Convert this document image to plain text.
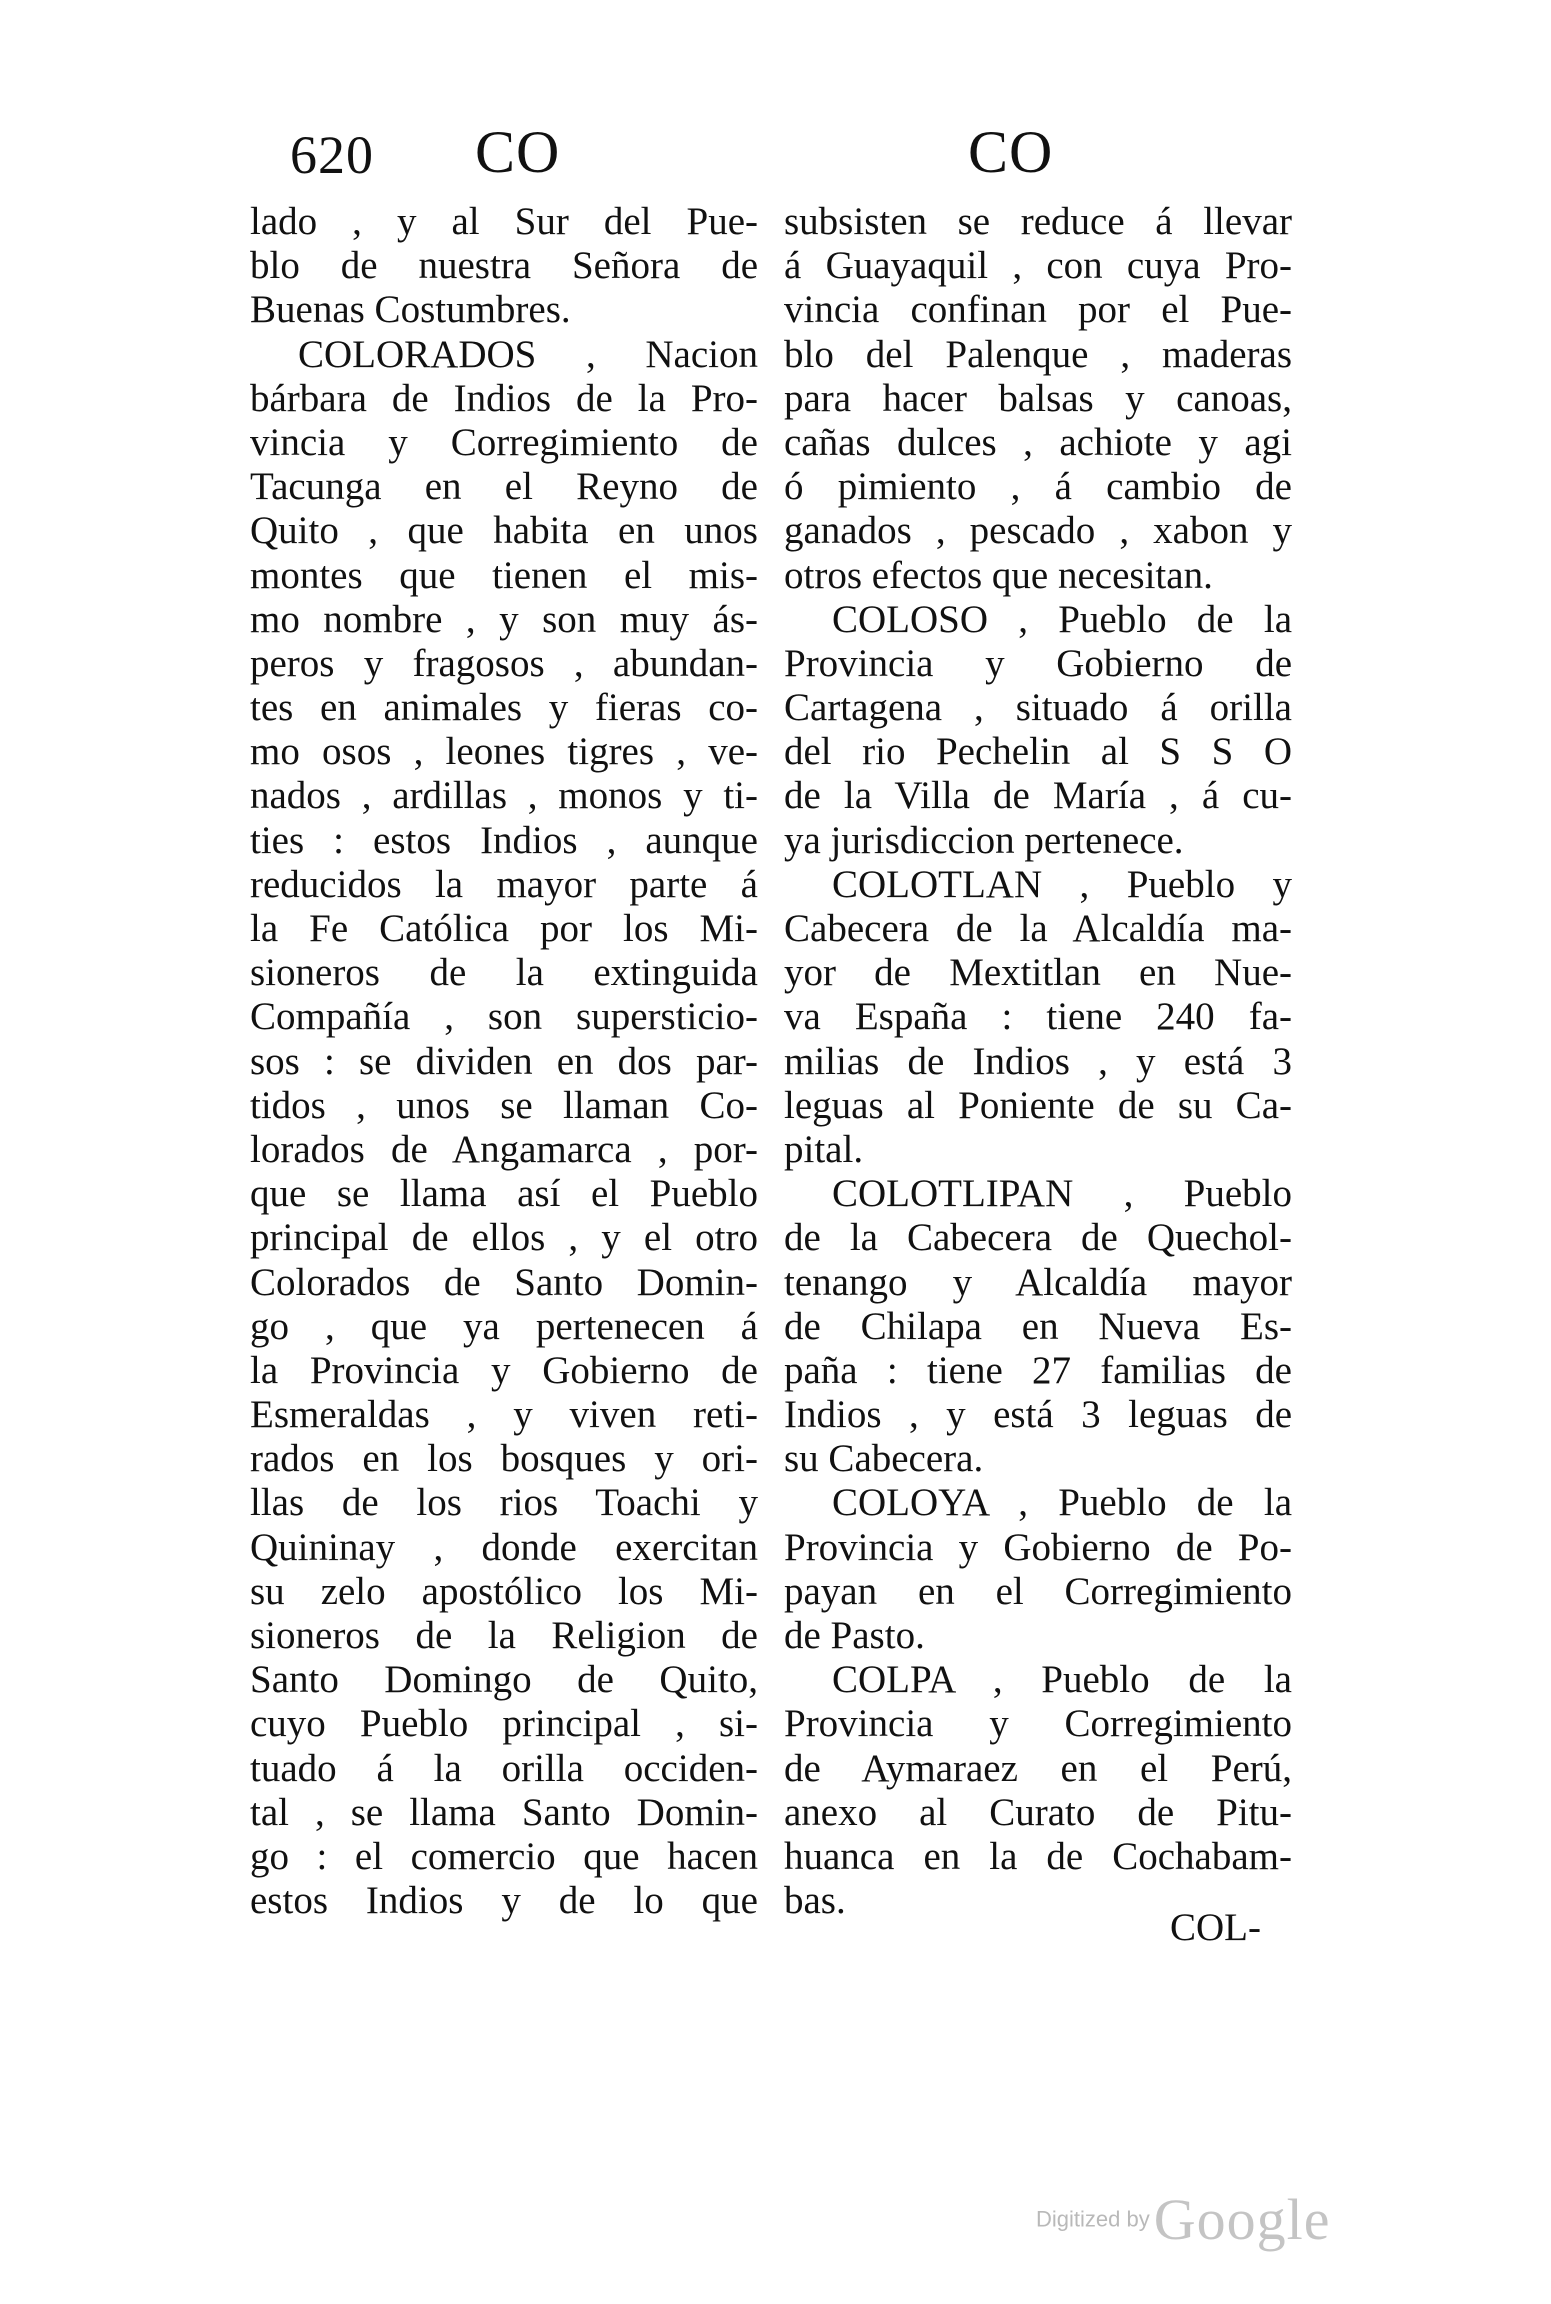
620 CO	CO
lado , y al Sur del Pue-
blo de nuestra Señora de
Buenas Costumbres.
COLORADOS , Nacion
bárbara de Indios de la Pro-
vincia y Corregimiento de
Tacunga en el Reyno de
Quito , que habita en unos
montes que tienen el mis-
mo nombre , y son muy ás-
peros y fragosos , abundan-
tes en animales y fieras co-
mo osos , leones tigres , ve-
nados , ardillas , monos y ti-
ties : estos Indios , aunque
reducidos la mayor parte á
la Fe Católica por los Mi-
sioneros de la extinguida
Compañía , son supersticio-
sos : se dividen en dos par-
tidos , unos se llaman Co-
lorados de Angamarca , por-
que se llama así el Pueblo
principal de ellos , y el otro
Colorados de Santo Domin-
go , que ya pertenecen á
la Provincia y Gobierno de
Esmeraldas , y viven reti-
rados en los bosques y ori-
llas de los rios Toachi y
Quininay , donde exercitan
su zelo apostólico los Mi-
sioneros de la Religion de
Santo Domingo de Quito,
cuyo Pueblo principal , si-
tuado á la orilla occiden-
tal , se llama Santo Domin-
go : el comercio que hacen
estos Indios y de lo que
subsisten se reduce á llevar
á Guayaquil , con cuya Pro-
vincia confinan por el Pue-
blo del Palenque , maderas
para hacer balsas y canoas,
cañas dulces , achiote y agi
ó pimiento , á cambio de
ganados , pescado , xabon y
otros efectos que necesitan.
COLOSO , Pueblo de la
Provincia y Gobierno de
Cartagena , situado á orilla
del rio Pechelin al S S O
de la Villa de María , á cu-
ya jurisdiccion pertenece.
COLOTLAN , Pueblo y
Cabecera de la Alcaldía ma-
yor de Mextitlan en Nue-
va España : tiene 240 fa-
milias de Indios , y está 3
leguas al Poniente de su Ca-
pital.
COLOTLIPAN , Pueblo
de la Cabecera de Quechol-
tenango y Alcaldía mayor
de Chilapa en Nueva Es-
paña : tiene 27 familias de
Indios , y está 3 leguas de
su Cabecera.
COLOYA , Pueblo de la
Provincia y Gobierno de Po-
payan en el Corregimiento
de Pasto.
COLPA , Pueblo de la
Provincia y Corregimiento
de Aymaraez en el Perú,
anexo al Curato de Pitu-
huanca en la de Cochabam-
bas.
COL-
Digitized by Google
